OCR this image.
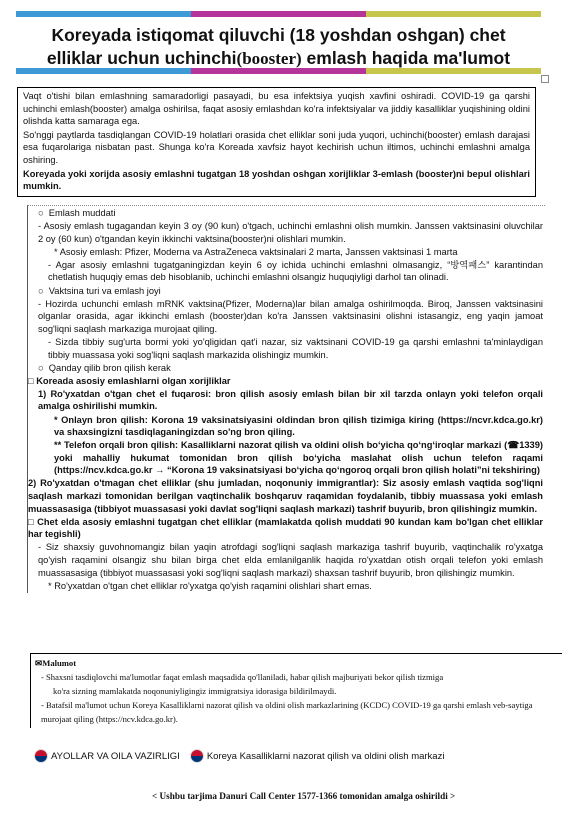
Koreyada istiqomat qiluvchi (18 yoshdan oshgan) chet
elliklar uchun uchinchi(booster) emlash haqida ma'lumot

Vaqt o'tishi bilan emlashning samaradorligi pasayadi, bu esa infektsiya yuqish xavfini oshiradi. COVID-19 ga qarshi uchinchi emlash(booster) amalga oshirilsa, faqat asosiy emlashdan ko'ra infektsiyalar va jiddiy kasalliklar yuqishining oldini olishda katta samaraga ega.

So'nggi paytlarda tasdiqlangan COVID-19 holatlari orasida chet elliklar soni juda yuqori, uchinchi(booster) emlash darajasi esa fuqarolariga nisbatan past. Shunga ko'ra Koreada xavfsiz hayot kechirish uchun iltimos, uchinchi emlashni amalga oshiring.

Koreyada yoki xorijda asosiy emlashni tugatgan 18 yoshdan oshgan xorijliklar 3-emlash (booster)ni bepul olishlari mumkin.

○  Emlash muddati

- Asosiy emlash tugagandan keyin 3 oy (90 kun) o'tgach, uchinchi emlashni olish mumkin. Janssen vaktsinasini oluvchilar 2 oy (60 kun) o'tgandan keyin ikkinchi vaktsina(booster)ni olishlari mumkin.

* Asosiy emlash: Pfizer, Moderna va AstraZeneca vaktsinalari 2 marta, Janssen vaktsinasi 1 marta

- Agar asosiy emlashni tugatganingizdan keyin 6 oy ichida uchinchi emlashni olmasangiz, “방역패스” karantindan chetlatish huquqiy emas deb hisoblanib, uchinchi emlashni olsangiz huquqiyligi darhol tan olinadi.

○  Vaktsina turi va emlash joyi

- Hozirda uchunchi emlash mRNK vaktsina(Pfizer, Moderna)lar bilan amalga oshirilmoqda. Biroq, Janssen vaktsinasini olganlar orasida, agar ikkinchi emlash (booster)dan ko'ra Janssen vaktsinasini olishni istasangiz, eng yaqin jamoat sog'liqni saqlash markaziga murojaat qiling.

- Sizda tibbiy sug'urta bormi yoki yo'qligidan qat'i nazar, siz vaktsinani COVID-19 ga qarshi emlashni ta'minlaydigan tibbiy muassasa yoki sog'liqni saqlash markazida olishingiz mumkin.

○  Qanday qilib bron qilish kerak

□ Koreada asosiy emlashlarni olgan xorijliklar

1) Ro'yxatdan o'tgan chet el fuqarosi: bron qilish asosiy emlash bilan bir xil tarzda onlayn yoki telefon orqali amalga oshirilishi mumkin.

* Onlayn bron qilish: Korona 19 vaksinatsiyasini oldindan bron qilish tizimiga kiring (https://ncvr.kdca.go.kr) va shaxsingizni tasdiqlaganingizdan so'ng bron qiling.

** Telefon orqali bron qilish: Kasalliklarni nazorat qilish va oldini olish bo‘yicha qo‘ng‘iroqlar markazi (☎1339) yoki mahalliy hukumat tomonidan bron qilish bo‘yicha maslahat olish uchun telefon raqami (https://ncv.kdca.go.kr → “Korona 19 vaksinatsiyasi bo‘yicha qo‘ngoroq orqali bron qilish holati”ni tekshiring)

2) Ro'yxatdan o'tmagan chet elliklar (shu jumladan, noqonuniy immigrantlar): Siz asosiy emlash vaqtida sog'liqni saqlash markazi tomonidan berilgan vaqtinchalik boshqaruv raqamidan foydalanib, tibbiy muassasa yoki emlash muassasasiga (tibbiyot muassasasi yoki davlat sog'liqni saqlash markazi) tashrif buyurib, bron qilishingiz mumkin.

□ Chet elda asosiy emlashni tugatgan chet elliklar (mamlakatda qolish muddati 90 kundan kam bo'lgan chet elliklar har tegishli)

- Siz shaxsiy guvohnomangiz bilan yaqin atrofdagi sog'liqni saqlash markaziga tashrif buyurib, vaqtinchalik ro'yxatga qo'yish raqamini olsangiz shu bilan birga chet elda emlanilganlik haqida ro'yxatdan otish orqali telefon yoki emlash muassasasiga (tibbiyot muassasasi yoki sog'liqni saqlash markazi) shaxsan tashrif buyurib, bron qilishingiz mumkin.

* Ro'yxatdan o'tgan chet elliklar ro'yxatga qo'yish raqamini olishlari shart emas.

✉Malumot

- Shaxsni tasdiqlovchi ma'lumotlar faqat emlash maqsadida qo'llaniladi, habar qilish majburiyati bekor qilish tizmiga

ko'ra sizning mamlakatda noqonuniyligingiz immigratsiya idorasiga bildirilmaydi.

- Batafsil ma'lumot uchun Koreya Kasalliklarni nazorat qilish va oldini olish markazlarining (KCDC) COVID-19 ga qarshi emlash veb-saytiga murojaat qiling (https://ncv.kdca.go.kr).

AYOLLAR VA OILA VAZIRLIGI	Koreya Kasalliklarni nazorat qilish va oldini olish markazi
< Ushbu tarjima Danuri Call Center 1577-1366 tomonidan amalga oshirildi >
